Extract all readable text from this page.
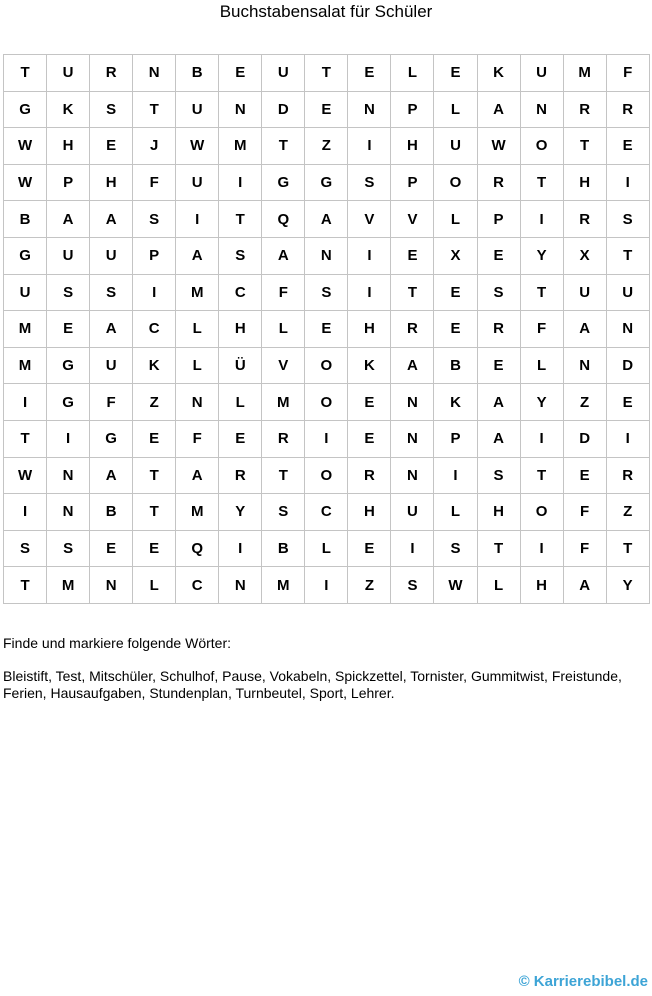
Buchstabensalat für Schüler
T	U	R	N	B	E	U	T	E	L	E	K	U	M	F
G	K	S	T	U	N	D	E	N	P	L	A	N	R	R
W	H	E	J	W	M	T	Z	I	H	U	W	O	T	E
W	P	H	F	U	I	G	G	S	P	O	R	T	H	I
B	A	A	S	I	T	Q	A	V	V	L	P	I	R	S
G	U	U	P	A	S	A	N	I	E	X	E	Y	X	T
U	S	S	I	M	C	F	S	I	T	E	S	T	U	U
M	E	A	C	L	H	L	E	H	R	E	R	F	A	N
M	G	U	K	L	Ü	V	O	K	A	B	E	L	N	D
I	G	F	Z	N	L	M	O	E	N	K	A	Y	Z	E
T	I	G	E	F	E	R	I	E	N	P	A	I	D	I
W	N	A	T	A	R	T	O	R	N	I	S	T	E	R
I	N	B	T	M	Y	S	C	H	U	L	H	O	F	Z
S	S	E	E	Q	I	B	L	E	I	S	T	I	F	T
T	M	N	L	C	N	M	I	Z	S	W	L	H	A	Y
Finde und markiere folgende Wörter:
Bleistift, Test, Mitschüler, Schulhof, Pause, Vokabeln, Spickzettel, Tornister, Gummitwist, Freistunde, Ferien, Hausaufgaben, Stundenplan, Turnbeutel, Sport, Lehrer.
© Karrierebibel.de
